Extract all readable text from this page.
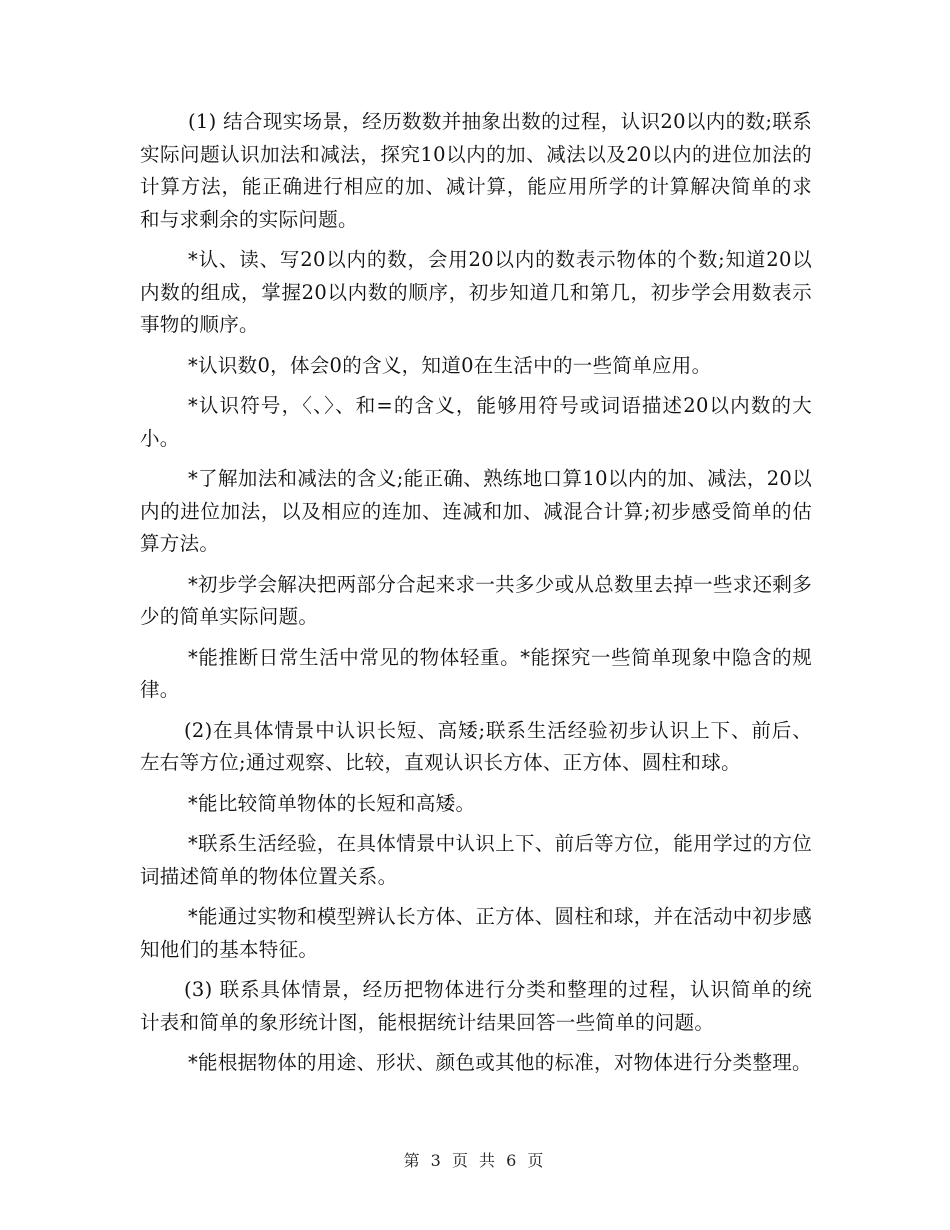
(1) 结合现实场景，经历数数并抽象出数的过程，认识20以内的数;联系实际问题认识加法和减法，探究10以内的加、减法以及20以内的进位加法的计算方法，能正确进行相应的加、减计算，能应用所学的计算解决简单的求和与求剩余的实际问题。

*认、读、写20以内的数，会用20以内的数表示物体的个数;知道20以内数的组成，掌握20以内数的顺序，初步知道几和第几，初步学会用数表示事物的顺序。

*认识数0，体会0的含义，知道0在生活中的一些简单应用。

*认识符号，〈、〉、和=的含义，能够用符号或词语描述20以内数的大小。

*了解加法和减法的含义;能正确、熟练地口算10以内的加、减法，20以内的进位加法，以及相应的连加、连减和加、减混合计算;初步感受简单的估算方法。

*初步学会解决把两部分合起来求一共多少或从总数里去掉一些求还剩多少的简单实际问题。

*能推断日常生活中常见的物体轻重。*能探究一些简单现象中隐含的规律。

(2)在具体情景中认识长短、高矮;联系生活经验初步认识上下、前后、左右等方位;通过观察、比较，直观认识长方体、正方体、圆柱和球。

*能比较简单物体的长短和高矮。

*联系生活经验，在具体情景中认识上下、前后等方位，能用学过的方位词描述简单的物体位置关系。

*能通过实物和模型辨认长方体、正方体、圆柱和球，并在活动中初步感知他们的基本特征。

(3) 联系具体情景，经历把物体进行分类和整理的过程，认识简单的统计表和简单的象形统计图，能根据统计结果回答一些简单的问题。

*能根据物体的用途、形状、颜色或其他的标准，对物体进行分类整理。

第 3 页 共 6 页
